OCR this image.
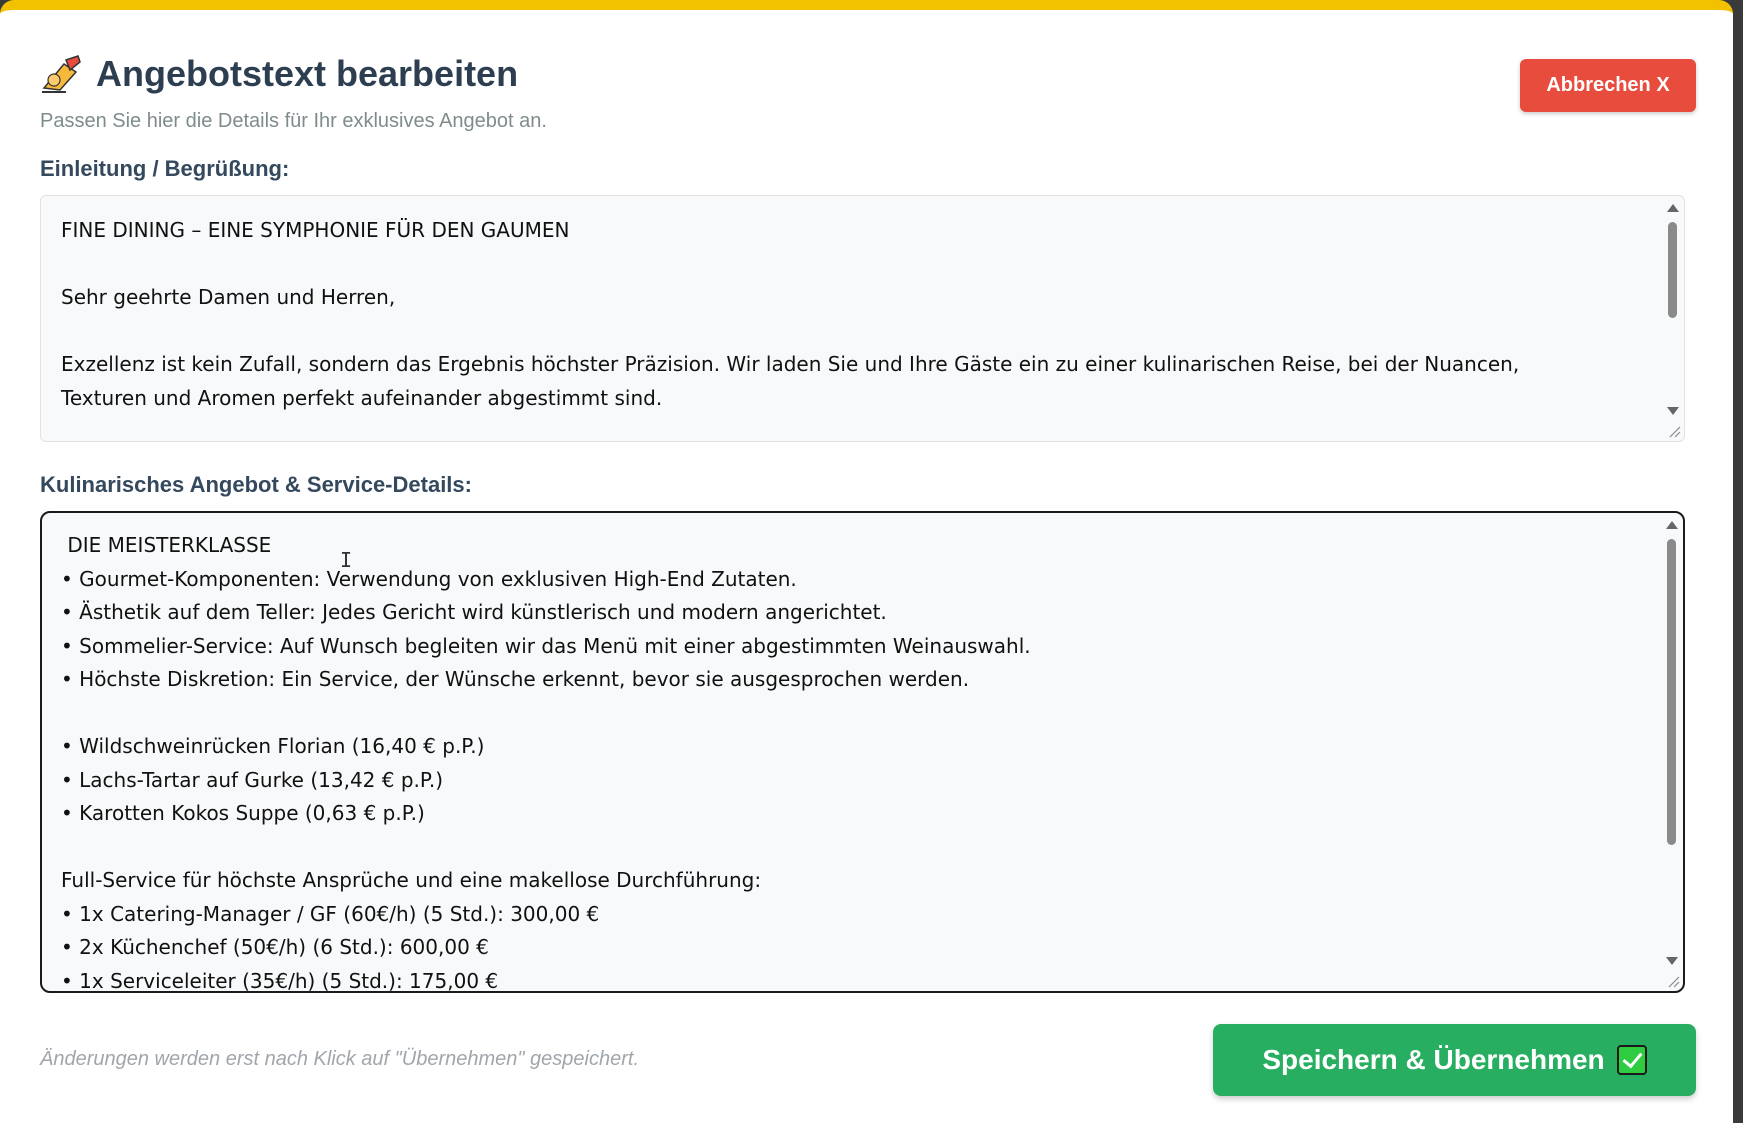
Angebotstext bearbeiten
Passen Sie hier die Details für Ihr exklusives Angebot an.
Abbrechen X
Einleitung / Begrüßung:
FINE DINING – EINE SYMPHONIE FÜR DEN GAUMEN
Sehr geehrte Damen und Herren,
Exzellenz ist kein Zufall, sondern das Ergebnis höchster Präzision. Wir laden Sie und Ihre Gäste ein zu einer kulinarischen Reise, bei der Nuancen, Texturen und Aromen perfekt aufeinander abgestimmt sind.
Kulinarisches Angebot & Service-Details:
DIE MEISTERKLASSE
• Gourmet-Komponenten: Verwendung von exklusiven High-End Zutaten.
• Ästhetik auf dem Teller: Jedes Gericht wird künstlerisch und modern angerichtet.
• Sommelier-Service: Auf Wunsch begleiten wir das Menü mit einer abgestimmten Weinauswahl.
• Höchste Diskretion: Ein Service, der Wünsche erkennt, bevor sie ausgesprochen werden.
• Wildschweinrücken Florian (16,40 € p.P.)
• Lachs-Tartar auf Gurke (13,42 € p.P.)
• Karotten Kokos Suppe (0,63 € p.P.)
Full-Service für höchste Ansprüche und eine makellose Durchführung:
• 1x Catering-Manager / GF (60€/h) (5 Std.): 300,00 €
• 2x Küchenchef (50€/h) (6 Std.): 600,00 €
• 1x Serviceleiter (35€/h) (5 Std.): 175,00 €
I
Änderungen werden erst nach Klick auf "Übernehmen" gespeichert.	Speichern & Übernehmen
